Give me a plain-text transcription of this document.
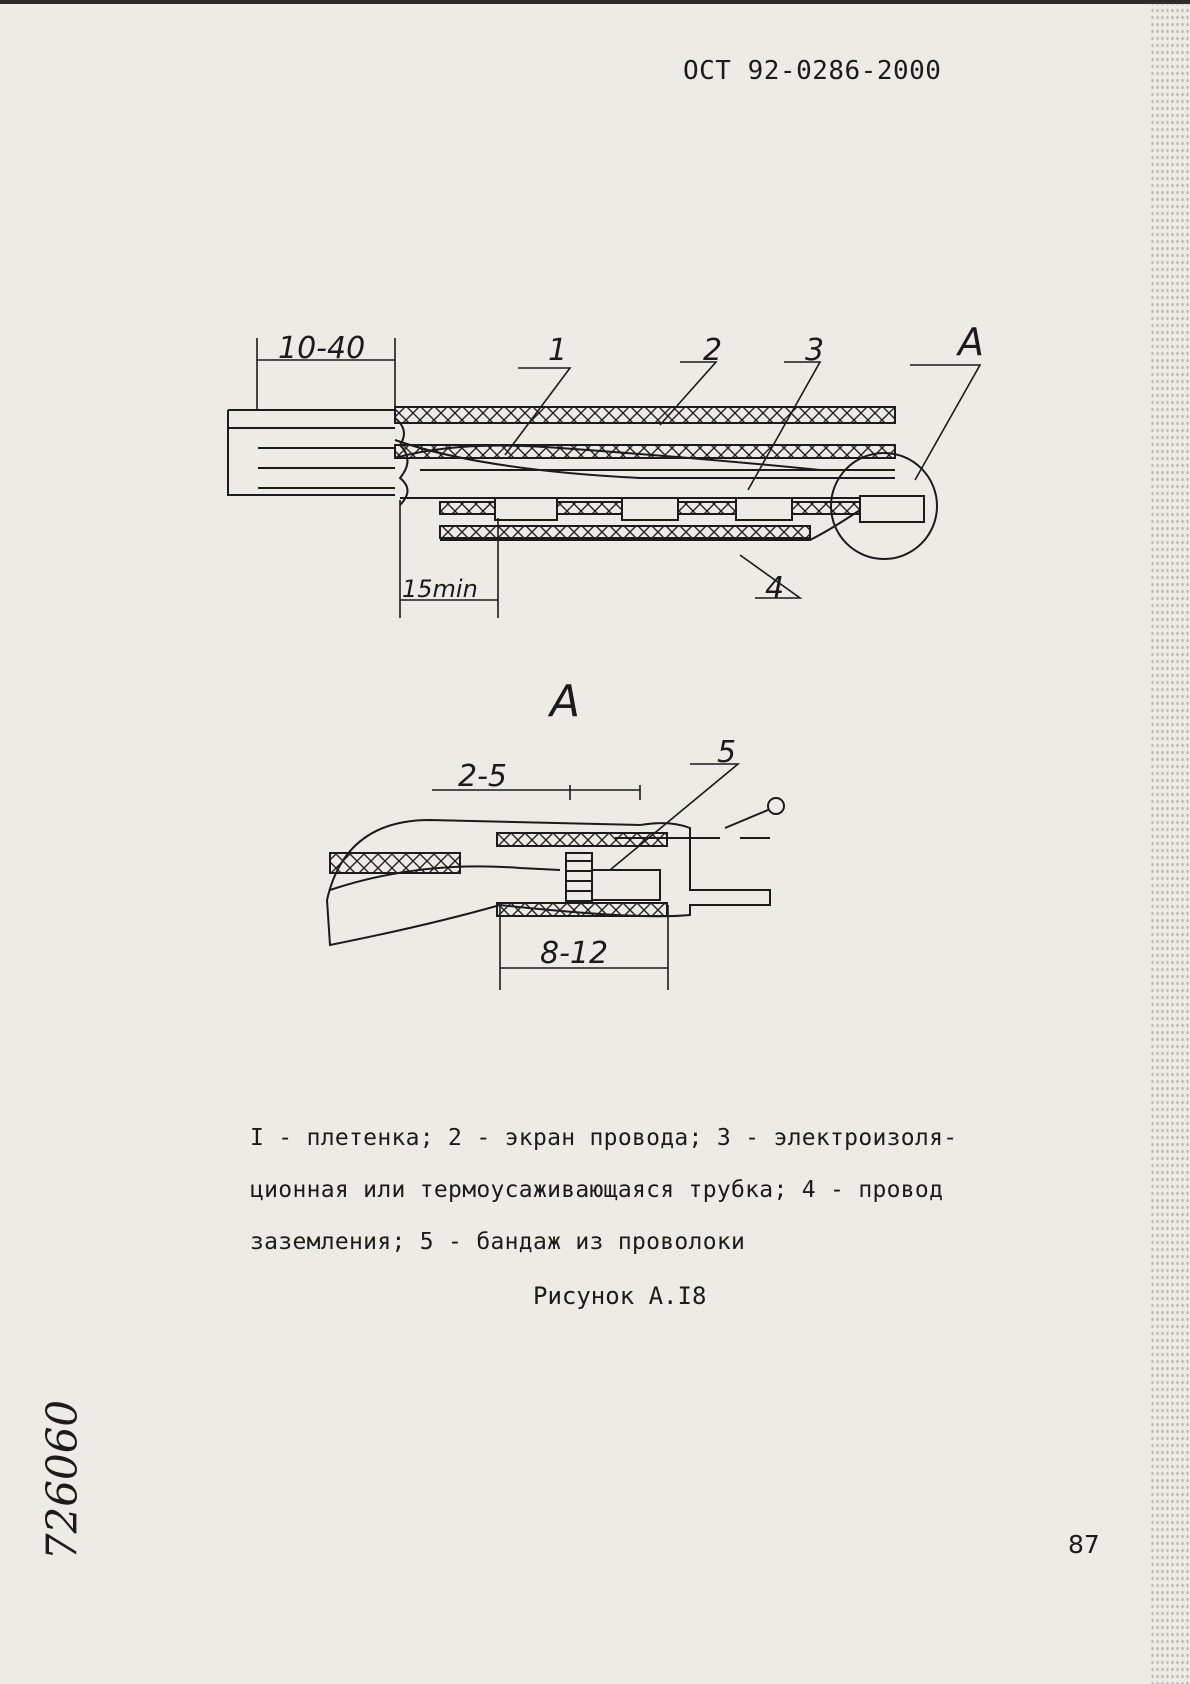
ОСТ 92-0286-2000
10-40
15min
2-5
8-12
1	2	3
4
5
А
А
I - плетенка; 2 - экран провода; 3 - электроизоля-
ционная или термоусаживающаяся трубка; 4 - провод
заземления; 5 - бандаж из проволоки
Рисунок А.I8
87
726060
